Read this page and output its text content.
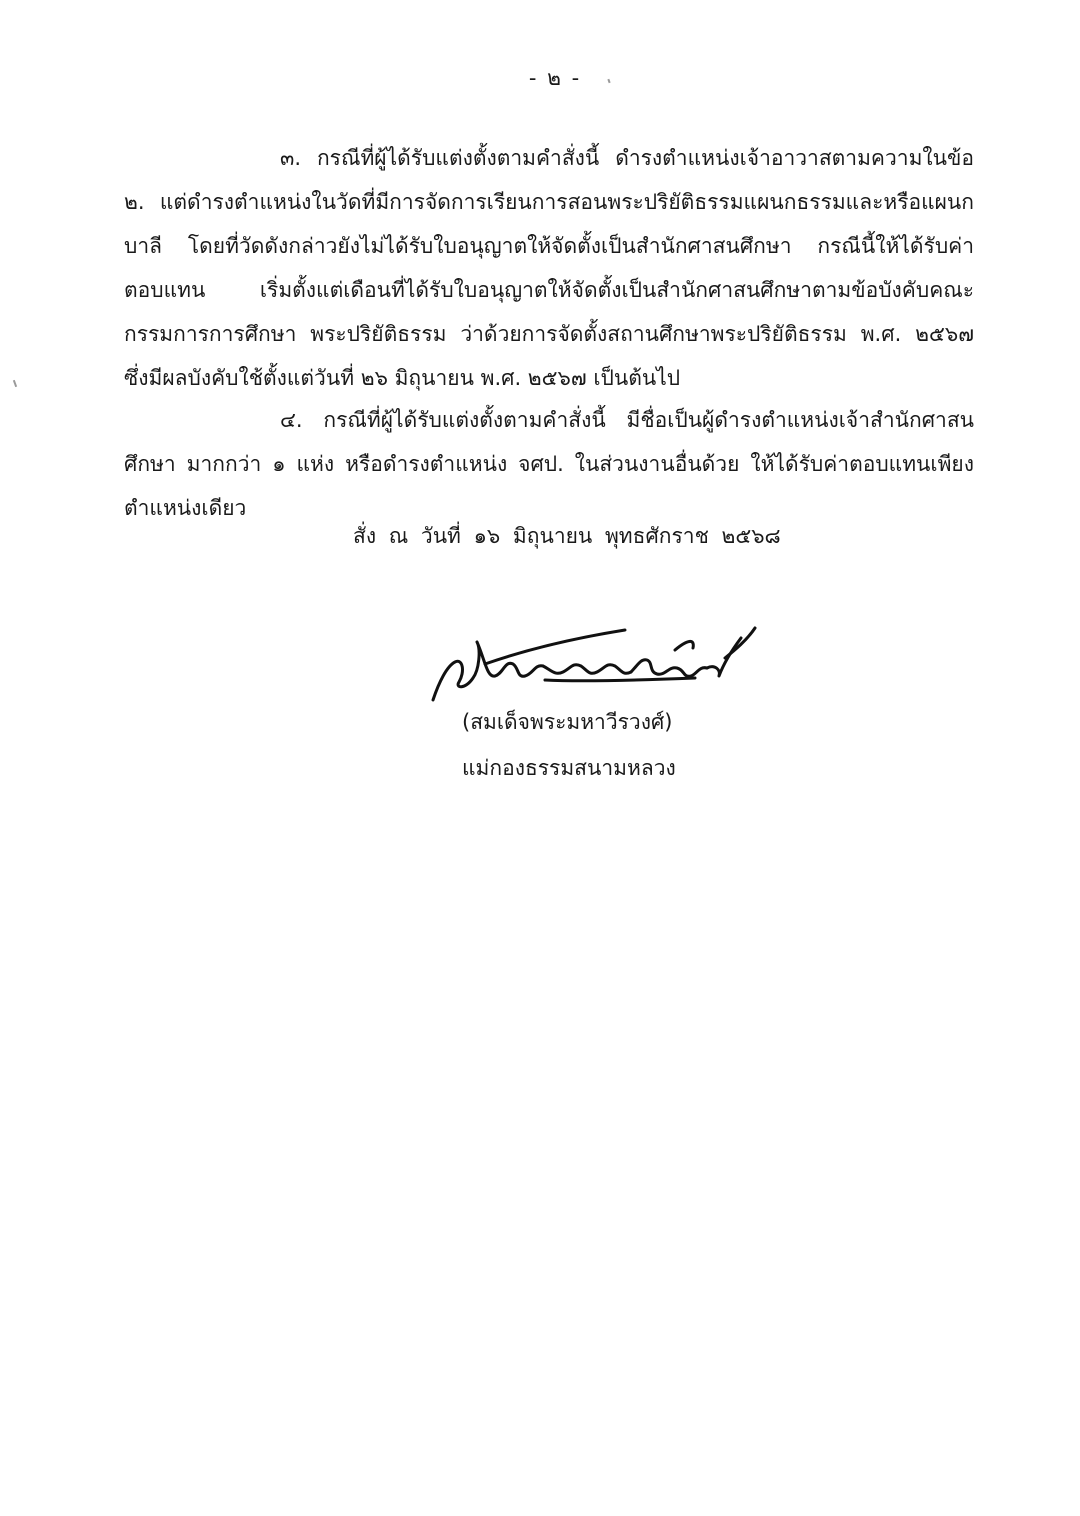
- ๒ -
๓. กรณีที่ผู้ได้รับแต่งตั้งตามคำสั่งนี้ ดำรงตำแหน่งเจ้าอาวาสตามความในข้อ ๒. แต่ดำรงตำแหน่งในวัดที่มีการจัดการเรียนการสอนพระปริยัติธรรมแผนกธรรมและหรือแผนกบาลี โดยที่วัดดังกล่าวยังไม่ได้รับใบอนุญาตให้จัดตั้งเป็นสำนักศาสนศึกษา กรณีนี้ให้ได้รับค่าตอบแทน เริ่มตั้งแต่เดือนที่ได้รับใบอนุญาตให้จัดตั้งเป็นสำนักศาสนศึกษาตามข้อบังคับคณะกรรมการการศึกษา พระปริยัติธรรม ว่าด้วยการจัดตั้งสถานศึกษาพระปริยัติธรรม พ.ศ. ๒๕๖๗ ซึ่งมีผลบังคับใช้ตั้งแต่วันที่ ๒๖ มิถุนายน พ.ศ. ๒๕๖๗ เป็นต้นไป
๔. กรณีที่ผู้ได้รับแต่งตั้งตามคำสั่งนี้ มีชื่อเป็นผู้ดำรงตำแหน่งเจ้าสำนักศาสนศึกษา มากกว่า ๑ แห่ง หรือดำรงตำแหน่ง จศป. ในส่วนงานอื่นด้วย ให้ได้รับค่าตอบแทนเพียงตำแหน่งเดียว
สั่ง ณ วันที่ ๑๖ มิถุนายน พุทธศักราช ๒๕๖๘
(สมเด็จพระมหาวีรวงศ์)
แม่กองธรรมสนามหลวง
